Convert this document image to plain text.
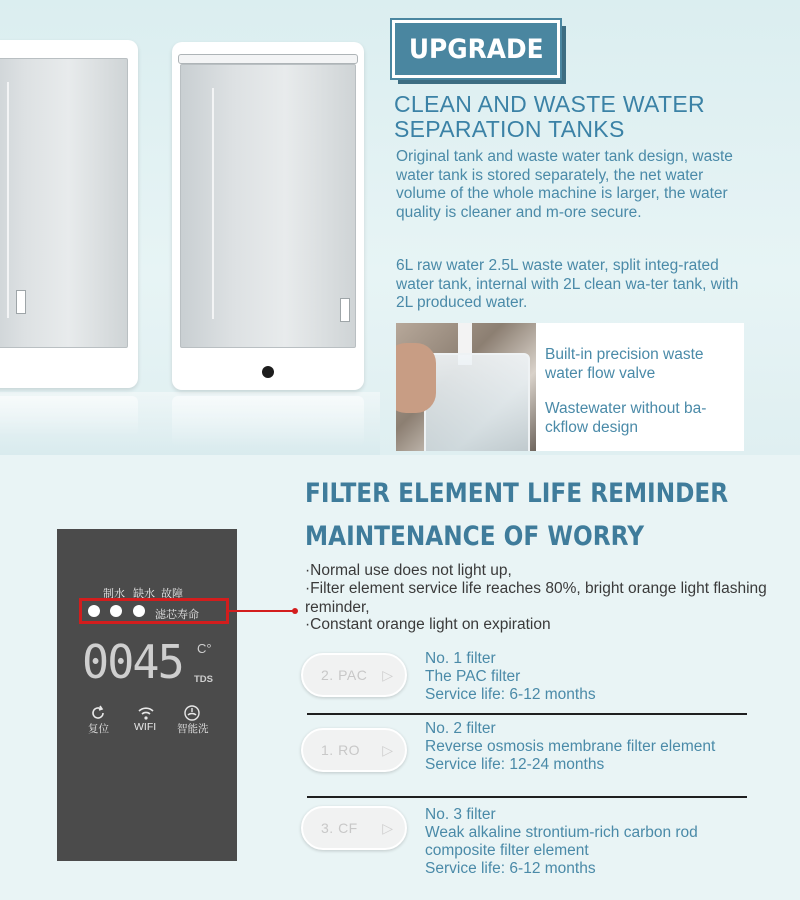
UPGRADE
CLEAN AND WASTE WATER
SEPARATION TANKS
Original tank and waste water tank design, waste water tank is stored separately, the net water volume of the whole machine is larger, the water quality is cleaner and m-ore secure.
6L raw water 2.5L waste water, split integ-rated water tank, internal with 2L clean wa-ter tank, with 2L produced water.
Built-in precision waste water flow valve
Wastewater without ba-ckflow design
FILTER ELEMENT LIFE REMINDER
MAINTENANCE OF WORRY
·Normal use does not light up,
·Filter element service life reaches 80%, bright orange light flashing reminder,
·Constant orange light on expiration
制水 缺水 故障
滤芯寿命
0045 C°
TDS
复位 WIFI 智能洗
2. PAC ▷
No. 1 filter
The PAC filter
Service life: 6-12 months
1. RO ▷
No. 2 filter
Reverse osmosis membrane filter element
Service life: 12-24 months
3. CF ▷
No. 3 filter
Weak alkaline strontium-rich carbon rod composite filter element
Service life: 6-12 months
